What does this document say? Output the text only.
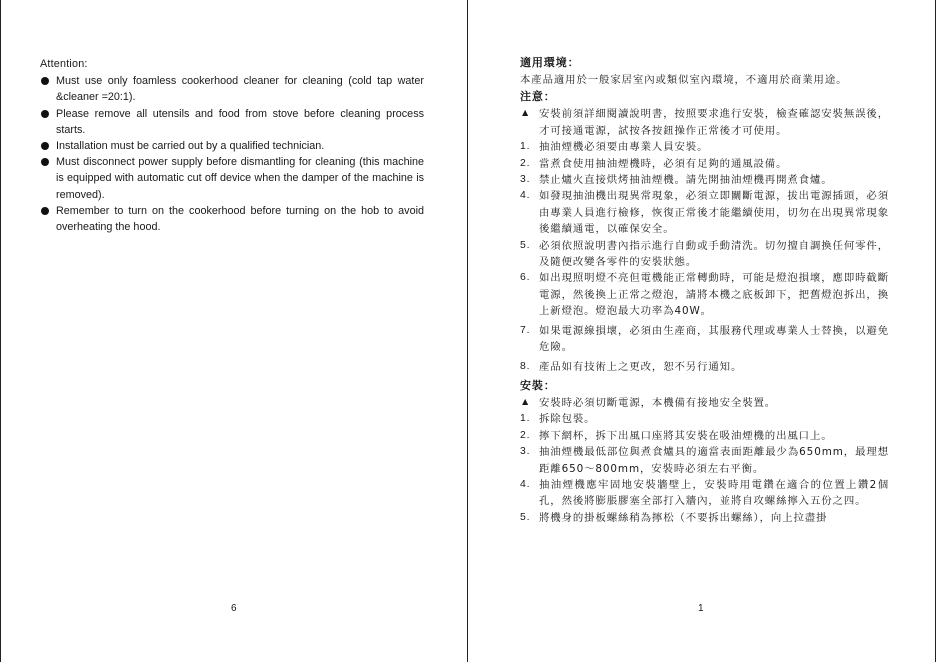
Attention:
Must use only foamless cookerhood cleaner for cleaning (cold tap water &cleaner =20:1).
Please remove all utensils and food from stove before cleaning process starts.
Installation must be carried out by a qualified technician.
Must disconnect power supply before dismantling for cleaning (this machine is equipped with automatic cut off device when the damper of the machine is removed).
Remember to turn on the cookerhood before turning on the hob to avoid overheating the hood.
6
適用環境：

本產品適用於一般家居室內或類似室內環境，不適用於商業用途。

注意：
▲ 安裝前須詳細閱讀說明書，按照要求進行安裝，檢查確認安裝無誤後，才可接通電源，試按各按鈕操作正常後才可使用。
1. 抽油煙機必須要由專業人員安裝。
2. 當煮食使用抽油煙機時，必須有足夠的通風設備。
3. 禁止爐火直接烘烤抽油煙機。請先開抽油煙機再開煮食爐。
4. 如發現抽油機出現異常現象，必須立即關斷電源，拔出電源插頭，必須由專業人員進行檢修，恢復正常後才能繼續使用，切勿在出現異常現象後繼續通電，以確保安全。
5. 必須依照說明書內指示進行自動或手動清洗。切勿擅自調換任何零件，及隨便改變各零件的安裝狀態。
6. 如出現照明燈不亮但電機能正常轉動時，可能是燈泡損壞，應即時截斷電源，然後換上正常之燈泡，請將本機之底板卸下，把舊燈泡拆出，換上新燈泡。燈泡最大功率為40W。
7. 如果電源線損壞，必須由生產商，其服務代理或專業人士替換，以避免危險。
8. 產品如有技術上之更改，恕不另行通知。
安裝：
▲ 安裝時必須切斷電源，本機備有接地安全裝置。
1. 拆除包裝。
2. 擰下網杯，拆下出風口座將其安裝在吸油煙機的出風口上。
3. 抽油煙機最低部位與煮食爐具的適當表面距離最少為650mm，最理想距離650～800mm，安裝時必須左右平衡。
4. 抽油煙機應牢固地安裝牆壁上，安裝時用電鑽在適合的位置上鑽2個孔，然後將膨脹膠塞全部打入牆內，並將自攻螺絲擰入五份之四。
5. 將機身的掛板螺絲稍為擰松（不要拆出螺絲），向上拉盡掛
1
